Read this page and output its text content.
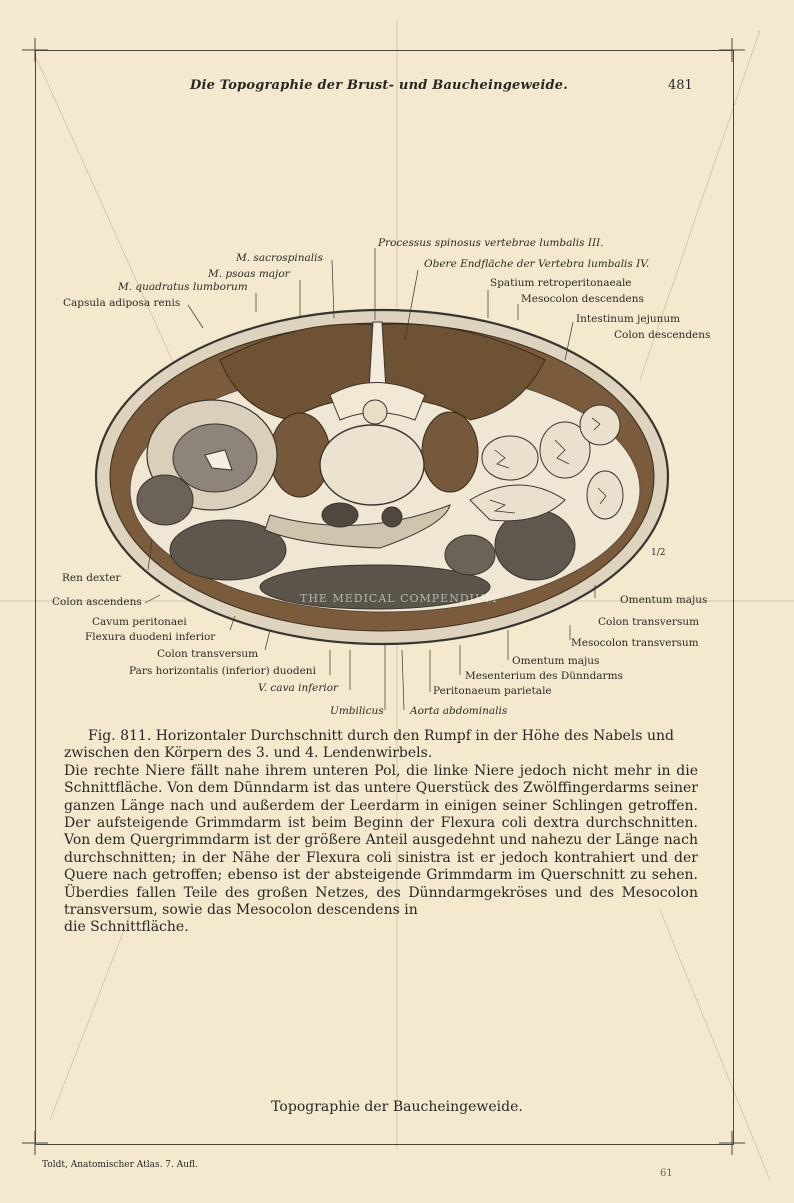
Die Topographie der Brust- und Baucheingeweide.	481
Processus spinosus vertebrae lumbalis III.
Obere Endfläche der Vertebra lumbalis IV.
M. sacrospinalis
M. psoas major
M. quadratus lumborum
Capsula adiposa renis
Spatium retroperitonaeale
Mesocolon descendens
Intestinum jejunum
Colon descendens
1/2
Ren dexter
Colon ascendens	Omentum majus
Cavum peritonaei
Flexura duodeni inferior
Colon transversum
Colon transversum
Mesocolon transversum
Pars horizontalis (inferior) duodeni
Omentum majus
V. cava inferior
Mesenterium des Dünndarms
Peritonaeum parietale
Umbilicus	Aorta abdominalis
THE MEDICAL COMPENDIUM

Fig. 811. Horizontaler Durchschnitt durch den Rumpf in der Höhe des Nabels und zwischen den Körpern des 3. und 4. Lendenwirbels.

Die rechte Niere fällt nahe ihrem unteren Pol, die linke Niere jedoch nicht mehr in die Schnittfläche. Von dem Dünndarm ist das untere Querstück des Zwölffingerdarms seiner ganzen Länge nach und außerdem der Leerdarm in einigen seiner Schlingen getroffen. Der aufsteigende Grimmdarm ist beim Beginn der Flexura coli dextra durchschnitten. Von dem Quergrimmdarm ist der größere Anteil ausgedehnt und nahezu der Länge nach durchschnitten; in der Nähe der Flexura coli sinistra ist er jedoch kontrahiert und der Quere nach getroffen; ebenso ist der absteigende Grimmdarm im Querschnitt zu sehen. Überdies fallen Teile des großen Netzes, des Dünndarmgekröses und des Mesocolon transversum, sowie das Mesocolon descendens in

die Schnittfläche.

Topographie der Baucheingeweide.
Toldt, Anatomischer Atlas. 7. Aufl.
61
